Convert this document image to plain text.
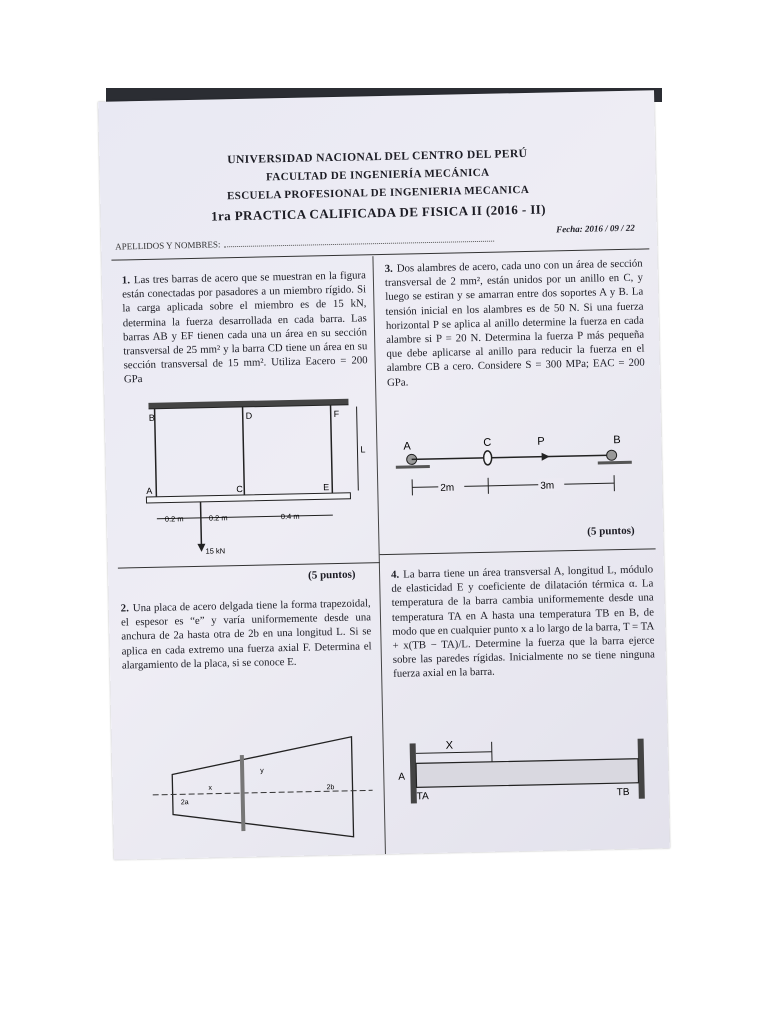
UNIVERSIDAD NACIONAL DEL CENTRO DEL PERÚ
FACULTAD DE INGENIERÍA MECÁNICA
ESCUELA PROFESIONAL DE INGENIERIA MECANICA
1ra PRACTICA CALIFICADA DE FISICA II (2016 - II)
APELLIDOS Y NOMBRES:
Fecha: 2016 / 09 / 22
1. Las tres barras de acero que se muestran en la figura están conectadas por pasadores a un miembro rígido. Si la carga aplicada sobre el miembro es de 15 kN, determina la fuerza desarrollada en cada barra. Las barras AB y EF tienen cada una un área en su sección transversal de 25 mm² y la barra CD tiene un área en su sección transversal de 15 mm². Utiliza Eacero = 200 GPa
B	D	F
A	C	E
L
0.2 m	0.2 m	0.4 m
15 kN
(5 puntos)
3. Dos alambres de acero, cada uno con un área de sección transversal de 2 mm², están unidos por un anillo en C, y luego se estiran y se amarran entre dos soportes A y B. La tensión inicial en los alambres es de 50 N. Si una fuerza horizontal P se aplica al anillo determine la fuerza en cada alambre si P = 20 N. Determina la fuerza P más pequeña que debe aplicarse al anillo para reducir la fuerza en el alambre CB a cero. Considere S = 300 MPa; EAC = 200 GPa.
A	C	P	B
2m	3m
(5 puntos)
2. Una placa de acero delgada tiene la forma trapezoidal, el espesor es “e” y varía uniformemente desde una anchura de 2a hasta otra de 2b en una longitud L. Si se aplica en cada extremo una fuerza axial F. Determina el alargamiento de la placa, si se conoce E.
2a
2b
y
x
4. La barra tiene un área transversal A, longitud L, módulo de elasticidad E y coeficiente de dilatación térmica α. La temperatura de la barra cambia uniformemente desde una temperatura TA en A hasta una temperatura TB en B, de modo que en cualquier punto x a lo largo de la barra, T = TA + x(TB − TA)/L. Determine la fuerza que la barra ejerce sobre las paredes rígidas. Inicialmente no se tiene ninguna fuerza axial en la barra.
X
A
TA	TB
